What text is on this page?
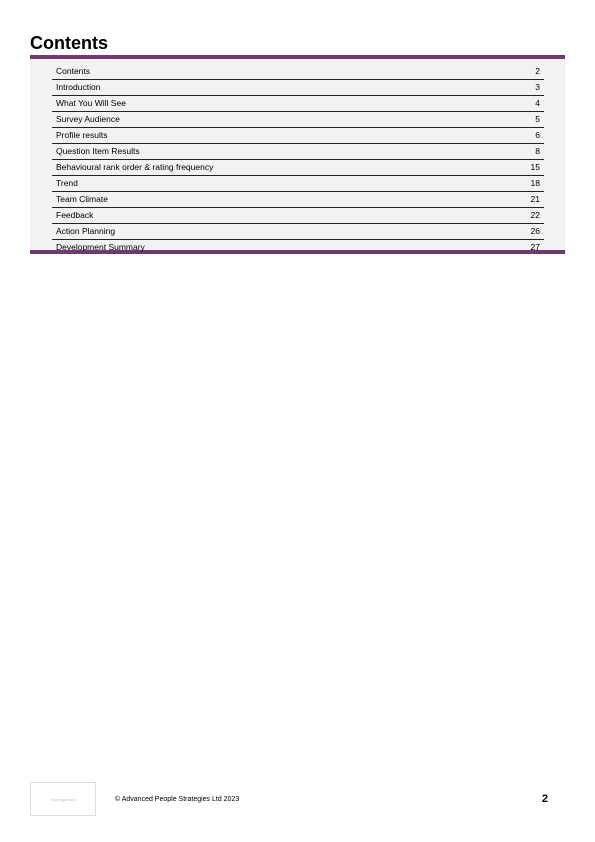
Contents
Contents	2
Introduction	3
What You Will See	4
Survey Audience	5
Profile results	6
Question Item Results	8
Behavioural rank order & rating frequency	15
Trend	18
Team Climate	21
Feedback	22
Action Planning	26
Development Summary	27
Your logo here	© Advanced People Strategies Ltd 2023	2
